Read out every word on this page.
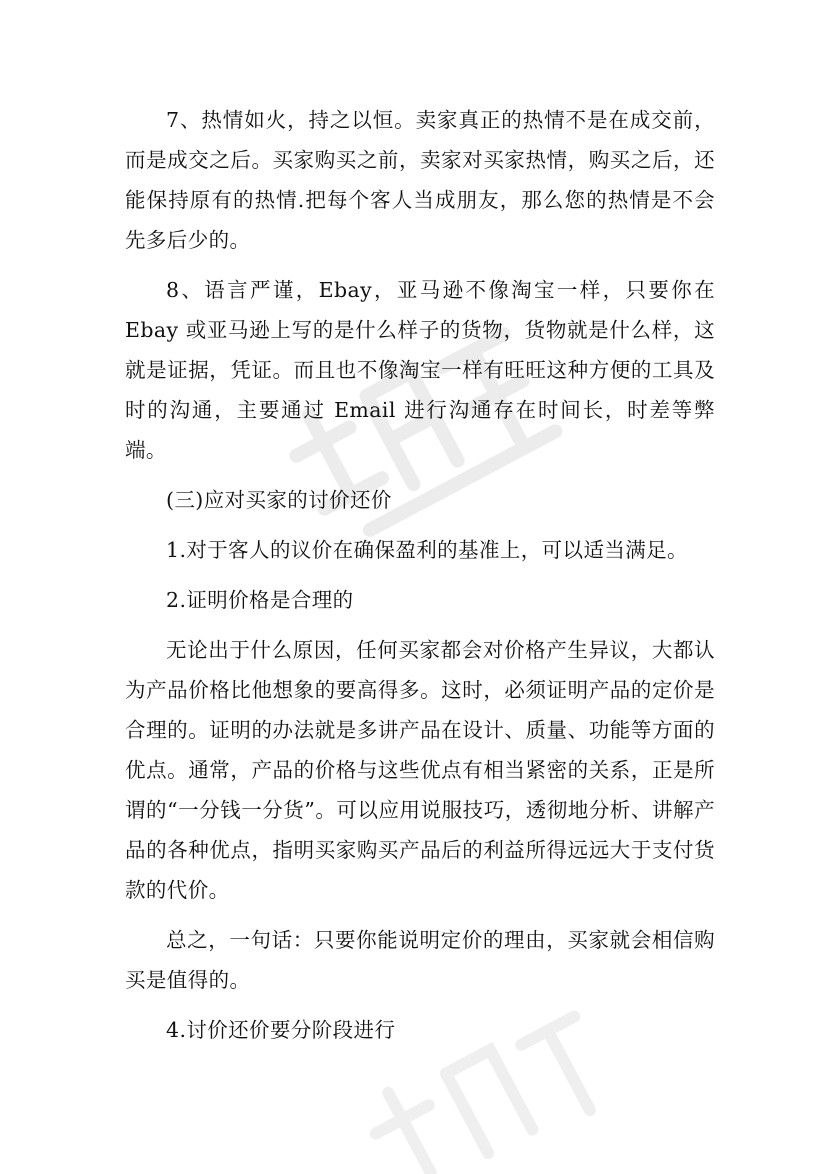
7、热情如火，持之以恒。卖家真正的热情不是在成交前，而是成交之后。买家购买之前，卖家对买家热情，购买之后，还能保持原有的热情.把每个客人当成朋友，那么您的热情是不会先多后少的。

8、语言严谨，Ebay，亚马逊不像淘宝一样，只要你在Ebay 或亚马逊上写的是什么样子的货物，货物就是什么样，这就是证据，凭证。而且也不像淘宝一样有旺旺这种方便的工具及时的沟通，主要通过 Email 进行沟通存在时间长，时差等弊端。

(三)应对买家的讨价还价

1.对于客人的议价在确保盈利的基准上，可以适当满足。

2.证明价格是合理的

无论出于什么原因，任何买家都会对价格产生异议，大都认为产品价格比他想象的要高得多。这时，必须证明产品的定价是合理的。证明的办法就是多讲产品在设计、质量、功能等方面的优点。通常，产品的价格与这些优点有相当紧密的关系，正是所谓的“一分钱一分货”。可以应用说服技巧，透彻地分析、讲解产品的各种优点，指明买家购买产品后的利益所得远远大于支付货款的代价。

总之，一句话：只要你能说明定价的理由，买家就会相信购买是值得的。

4.讨价还价要分阶段进行
